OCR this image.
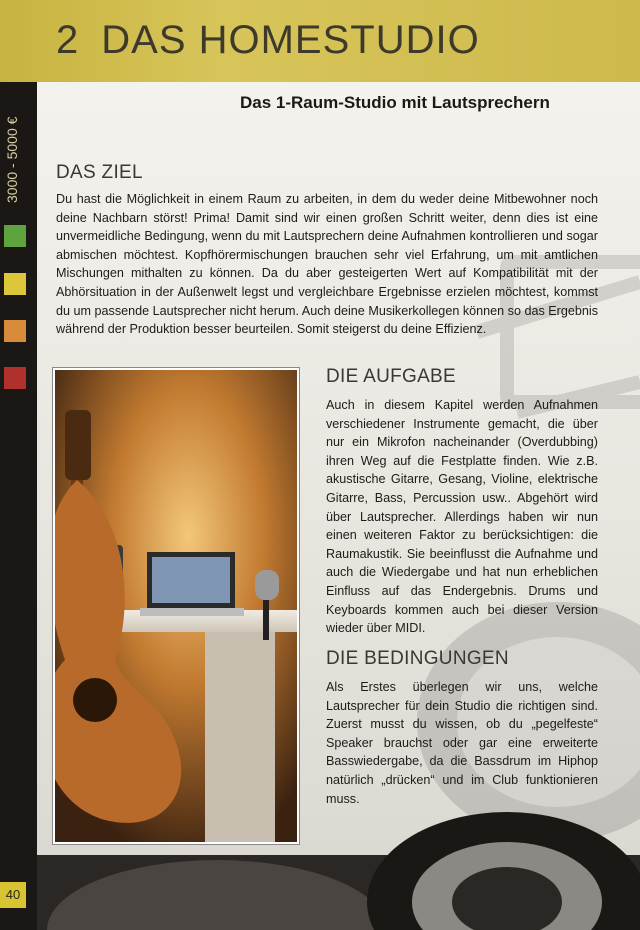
2 DAS HOMESTUDIO
3000 - 5000 €
Das 1-Raum-Studio mit Lautsprechern
DAS ZIEL
Du hast die Möglichkeit in einem Raum zu arbeiten, in dem du weder deine Mitbewohner noch deine Nachbarn störst! Prima! Damit sind wir einen großen Schritt weiter, denn dies ist eine unvermeidliche Bedingung, wenn du mit Lautsprechern deine Aufnahmen kontrollieren und sogar abmischen möchtest. Kopfhörermischungen brauchen sehr viel Erfahrung, um mit amtlichen Mischungen mithalten zu können. Da du aber gesteigerten Wert auf Kompatibilität mit der Abhörsituation in der Außenwelt legst und vergleichbare Ergebnisse erzielen möchtest, kommst du um passende Lautsprecher nicht herum. Auch deine Musikerkollegen können so das Ergebnis während der Produktion besser beurteilen. Somit steigerst du deine Effizienz.
DIE AUFGABE
Auch in diesem Kapitel werden Aufnahmen verschiedener Instrumente gemacht, die über nur ein Mikrofon nacheinander (Overdubbing) ihren Weg auf die Festplatte finden. Wie z.B. akustische Gitarre, Gesang, Violine, elektrische Gitarre, Bass, Percussion usw.. Abgehört wird über Lautsprecher. Allerdings haben wir nun einen weiteren Faktor zu berücksichtigen: die Raumakustik. Sie beeinflusst die Aufnahme und auch die Wiedergabe und hat nun erheblichen Einfluss auf das Endergebnis. Drums und Keyboards kommen auch bei dieser Version wieder über MIDI.
DIE BEDINGUNGEN
Als Erstes überlegen wir uns, welche Lautsprecher für dein Studio die richtigen sind. Zuerst musst du wissen, ob du „pegelfeste“ Speaker brauchst oder gar eine erweiterte Basswiedergabe, da die Bassdrum im Hiphop natürlich „drücken“ und im Club funktionieren muss.
40
